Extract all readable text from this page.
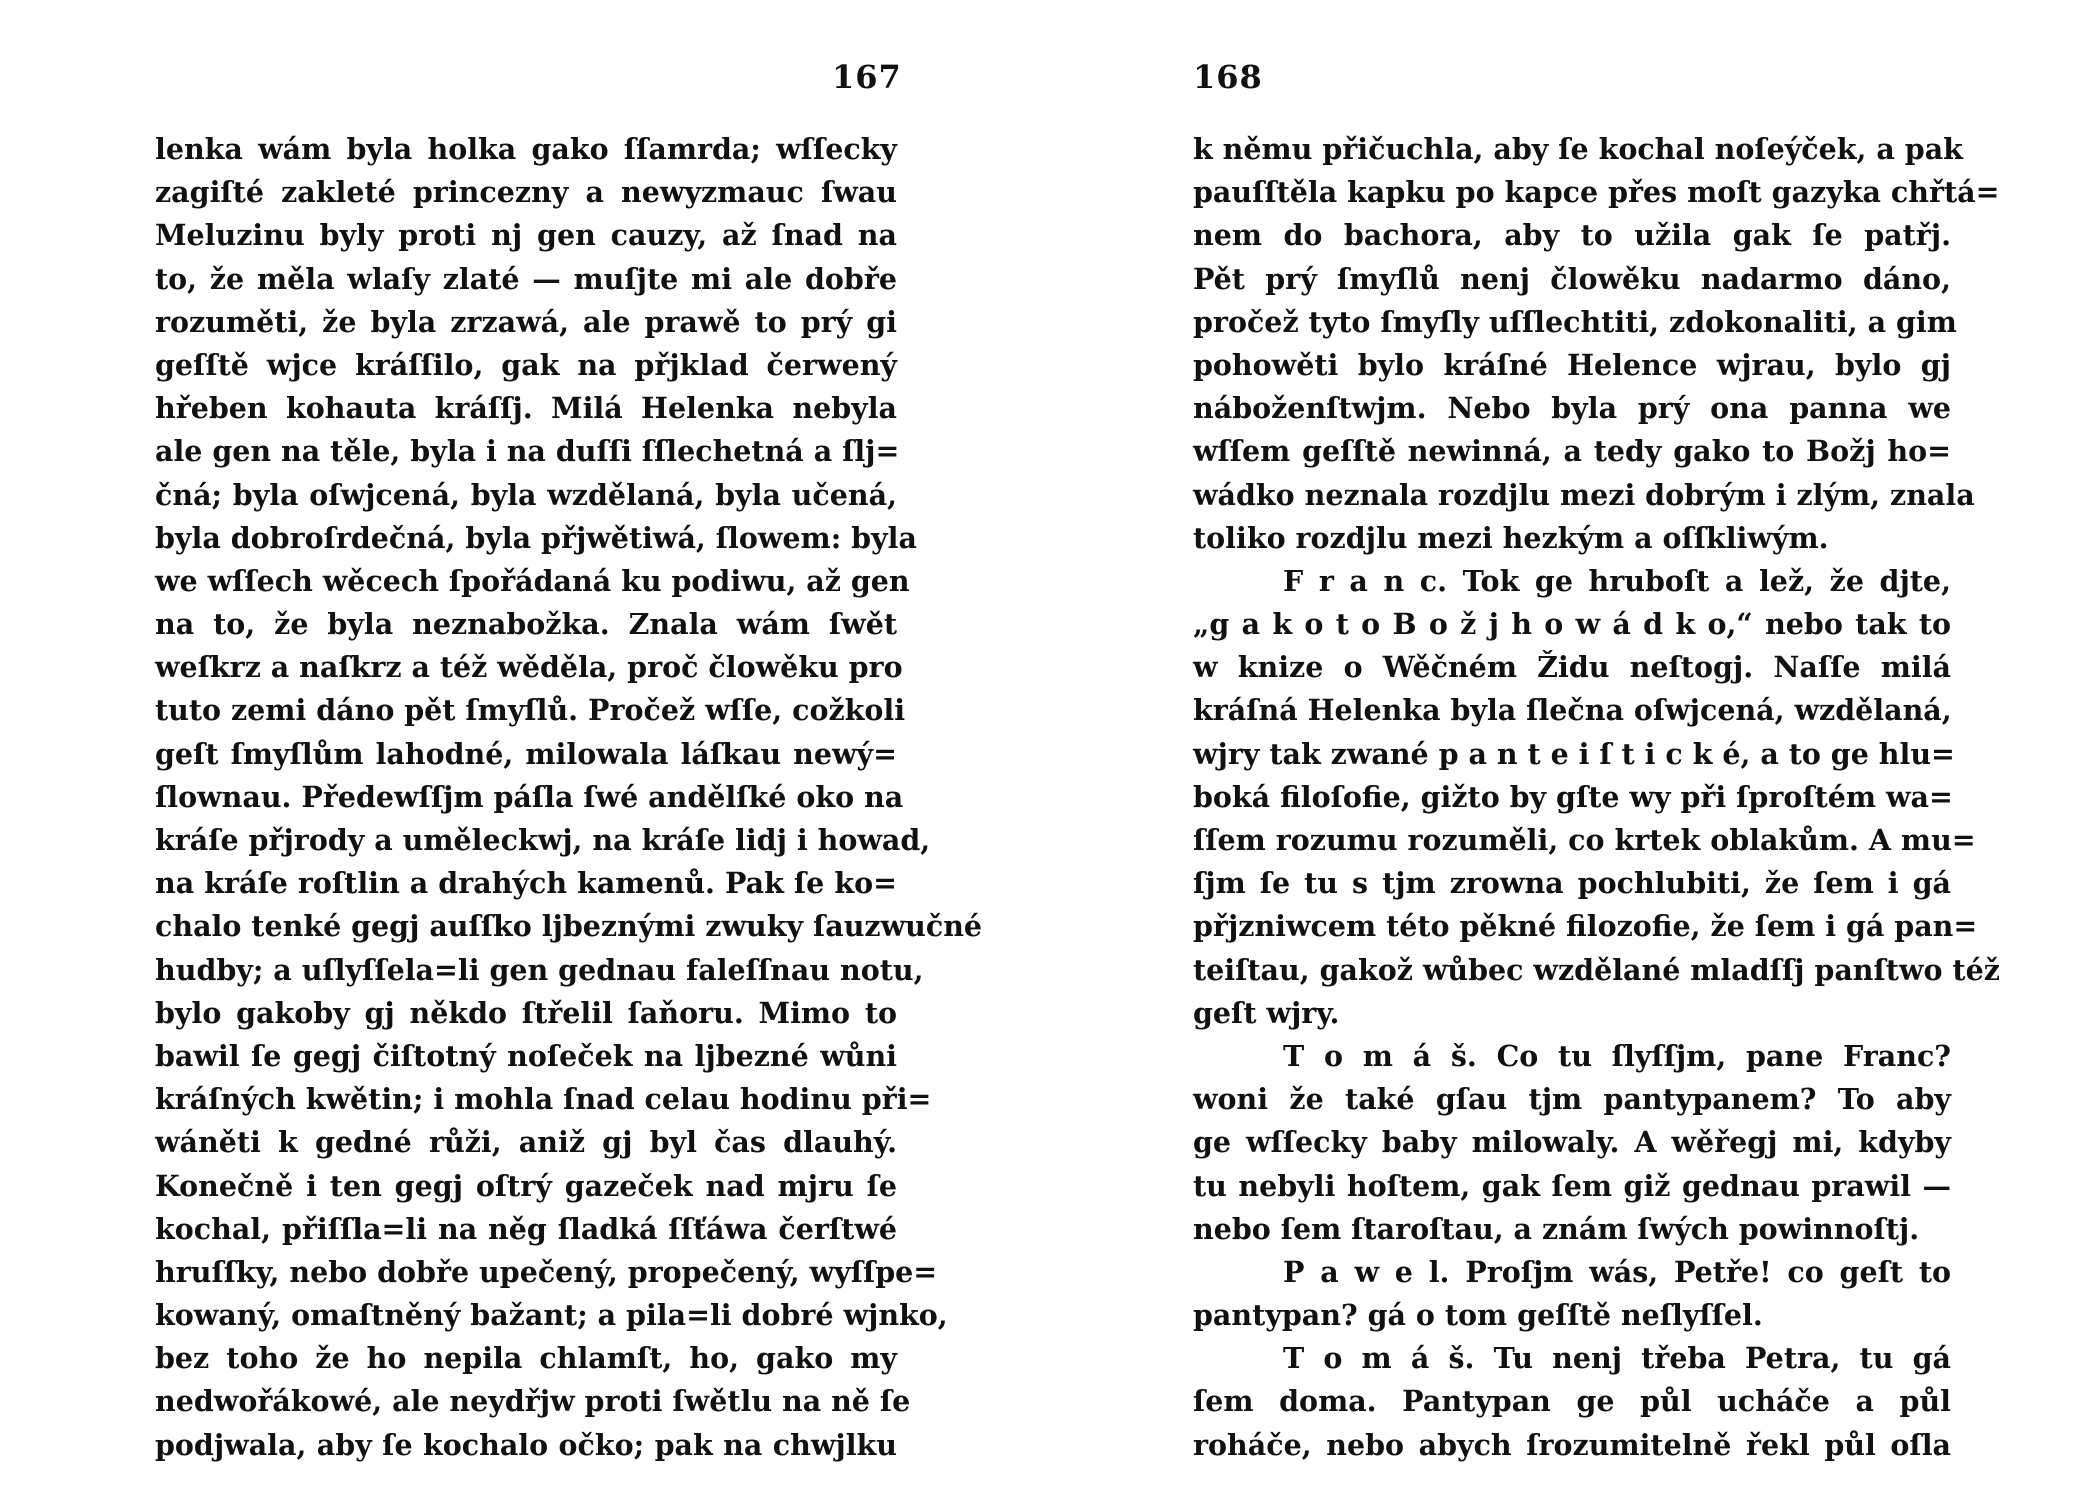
167
lenka wám byla holka gako ſſamrda; wſſecky
zagiſté zakleté princezny a newyzmauc ſwau
Meluzinu byly proti nj gen cauzy, až ſnad na
to, že měla wlaſy zlaté — muſjte mi ale dobře
rozuměti, že byla zrzawá, ale prawě to prý gi
geſſtě wjce kráſſilo, gak na přjklad čerwený
hřeben kohauta kráſſj. Milá Helenka nebyla
ale gen na těle, byla i na duſſi ſſlechetná a ſlj=
čná; byla oſwjcená, byla wzdělaná, byla učená,
byla dobroſrdečná, byla přjwětiwá, ſlowem: byla
we wſſech wěcech ſpořádaná ku podiwu, až gen
na to, že byla neznabožka. Znala wám ſwět
weſkrz a naſkrz a též wěděla, proč člowěku pro
tuto zemi dáno pět ſmyſlů. Pročež wſſe, cožkoli
geſt ſmyſlům lahodné, milowala láſkau newý=
ſlownau. Předewſſjm páſla ſwé andělſké oko na
kráſe přjrody a uměleckwj, na kráſe lidj i howad,
na kráſe roſtlin a drahých kamenů. Pak ſe ko=
chalo tenké gegj auſſko ljbeznými zwuky ſauzwučné
hudby; a uſlyſſela=li gen gednau faleſſnau notu,
bylo gakoby gj někdo ſtřelil ſaňoru. Mimo to
bawil ſe gegj čiſtotný noſeček na ljbezné wůni
kráſných kwětin; i mohla ſnad celau hodinu při=
wáněti k gedné růži, aniž gj byl čas dlauhý.
Konečně i ten gegj oſtrý gazeček nad mjru ſe
kochal, přiſſla=li na něg ſladká ſſťáwa čerſtwé
hruſſky, nebo dobře upečený, propečený, wyſſpe=
kowaný, omaſtněný bažant; a pila=li dobré wjnko,
bez toho že ho nepila chlamſt, ho, gako my
nedwořákowé, ale neydřjw proti ſwětlu na ně ſe
podjwala, aby ſe kochalo očko; pak na chwjlku
168
k němu přičuchla, aby ſe kochal noſeýček, a pak
pauſſtěla kapku po kapce přes moſt gazyka chřtá=
nem do bachora, aby to užila gak ſe patřj.
Pět prý ſmyſlů nenj člowěku nadarmo dáno,
pročež tyto ſmyſly uſſlechtiti, zdokonaliti, a gim
pohowěti bylo kráſné Helence wjrau, bylo gj
náboženſtwjm. Nebo byla prý ona panna we
wſſem geſſtě newinná, a tedy gako to Božj ho=
wádko neznala rozdjlu mezi dobrým i zlým, znala
toliko rozdjlu mezi hezkým a oſſkliwým.
F r a n c. Tok ge hruboſt a lež, že djte,
„g a k o t o B o ž j h o w á d k o,“ nebo tak to
w knize o Wěčném Židu neſtogj. Naſſe milá
kráſná Helenka byla ſlečna oſwjcená, wzdělaná,
wjry tak zwané p a n t e i ſ t i c k é, a to ge hlu=
boká filoſofie, gižto by gſte wy při ſproſtém wa=
ſſem rozumu rozuměli, co krtek oblakům. A mu=
ſjm ſe tu s tjm zrowna pochlubiti, že ſem i gá
přjzniwcem této pěkné filozofie, že ſem i gá pan=
teiſtau, gakož wůbec wzdělané mladſſj panſtwo též
geſt wjry.
T o m á š. Co tu ſlyſſjm, pane Franc?
woni že také gſau tjm pantypanem? To aby
ge wſſecky baby milowaly. A wěřegj mi, kdyby
tu nebyli hoſtem, gak ſem giž gednau prawil —
nebo ſem ſtaroſtau, a znám ſwých powinnoſtj.
P a w e l. Proſjm wás, Petře! co geſt to
pantypan? gá o tom geſſtě neſlyſſel.
T o m á š. Tu nenj třeba Petra, tu gá
ſem doma. Pantypan ge půl ucháče a půl
roháče, nebo abych ſrozumitelně řekl půl oſla
